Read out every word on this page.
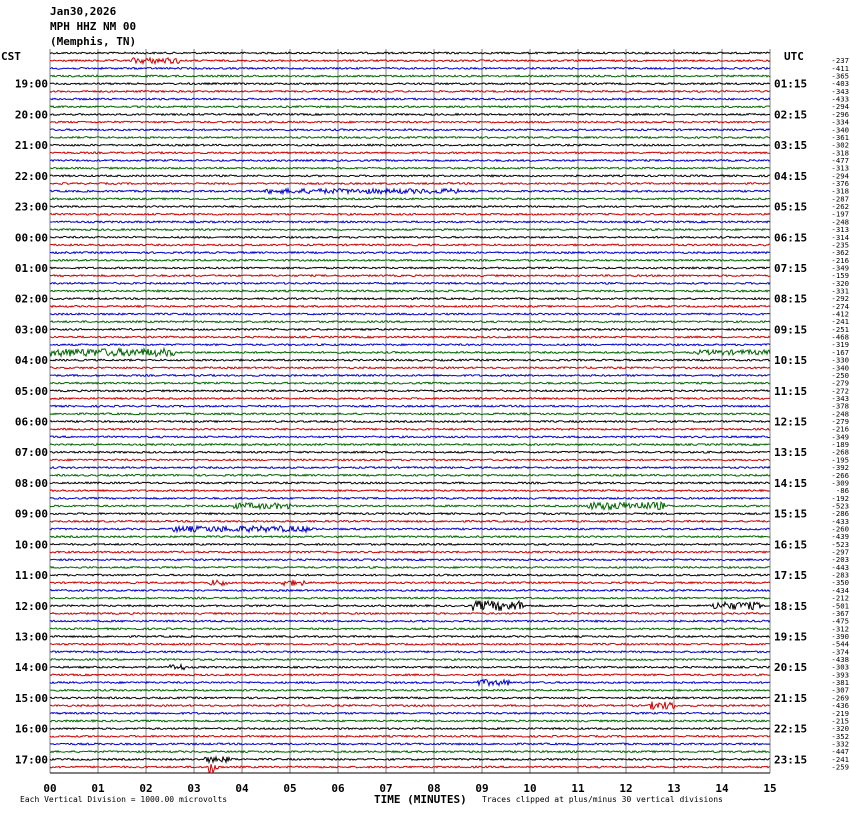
Jan30,2026
MPH HHZ NM 00
(Memphis, TN)
CST	UTC
00	01	02	03	04	05	06	07	08	09	10	11	12	13	14	15
19:00
20:00
21:00
22:00
23:00
00:00
01:00
02:00
03:00
04:00
05:00
06:00
07:00
08:00
09:00
10:00
11:00
12:00
13:00
14:00
15:00
16:00
17:00
01:15
02:15
03:15
04:15
05:15
06:15
07:15
08:15
09:15
10:15
11:15
12:15
13:15
14:15
15:15
16:15
17:15
18:15
19:15
20:15
21:15
22:15
23:15
-237
-411
-365
-403
-343
-433
-294
-296
-334
-340
-361
-302
-318
-477
-313
-294
-376
-318
-287
-262
-197
-248
-313
-314
-235
-362
-216
-349
-159
-320
-331
-292
-274
-412
-241
-251
-468
-319
-167
-330
-340
-250
-279
-272
-343
-378
-248
-279
-216
-349
-189
-268
-195
-392
-266
-309
-86
-192
-523
-286
-433
-260
-439
-523
-297
-203
-443
-283
-350
-434
-212
-501
-367
-475
-312
-390
-544
-374
-438
-303
-393
-381
-307
-269
-436
-219
-215
-320
-352
-332
-447
-241
-259
Each Vertical Division = 1000.00 microvolts	TIME (MINUTES) Traces clipped at plus/minus 30 vertical divisions
